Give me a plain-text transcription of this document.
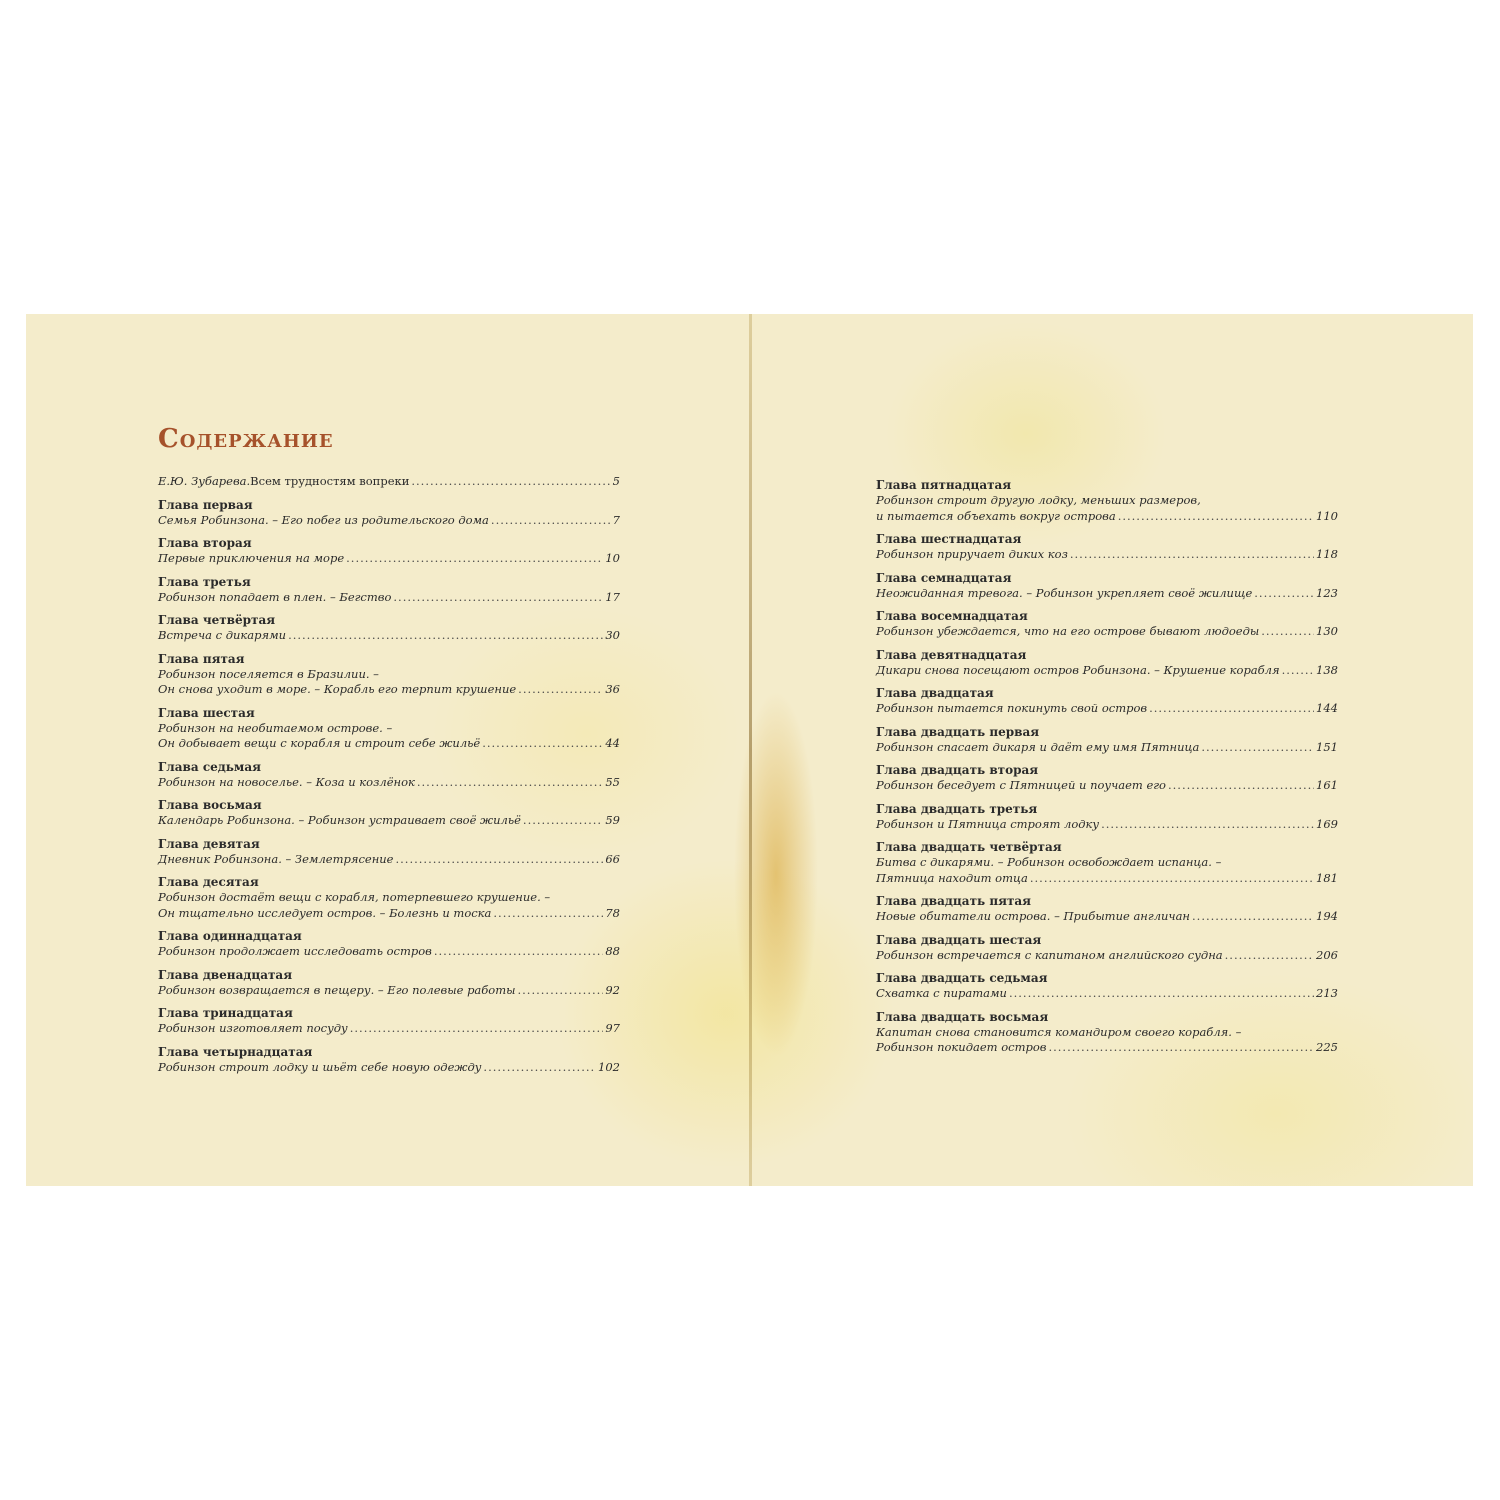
Содержание
Е.Ю. Зубарева. Всем трудностям вопреки .....	5
Глава первая
Семья Робинзона. – Его побег из родительского дома .....	7
Глава вторая
Первые приключения на море .....	10
Глава третья
Робинзон попадает в плен. – Бегство .....	17
Глава четвёртая
Встреча с дикарями .....	30
Глава пятая
Робинзон поселяется в Бразилии. –
Он снова уходит в море. – Корабль его терпит крушение .....	36
Глава шестая
Робинзон на необитаемом острове. –
Он добывает вещи с корабля и строит себе жильё .....	44
Глава седьмая
Робинзон на новоселье. – Коза и козлёнок .....	55
Глава восьмая
Календарь Робинзона. – Робинзон устраивает своё жильё .....	59
Глава девятая
Дневник Робинзона. – Землетрясение .....	66
Глава десятая
Робинзон достаёт вещи с корабля, потерпевшего крушение. –
Он тщательно исследует остров. – Болезнь и тоска .....	78
Глава одиннадцатая
Робинзон продолжает исследовать остров .....	88
Глава двенадцатая
Робинзон возвращается в пещеру. – Его полевые работы .....	92
Глава тринадцатая
Робинзон изготовляет посуду .....	97
Глава четырнадцатая
Робинзон строит лодку и шьёт себе новую одежду .....	102
Глава пятнадцатая
Робинзон строит другую лодку, меньших размеров,
и пытается объехать вокруг острова .....	110
Глава шестнадцатая
Робинзон приручает диких коз .....	118
Глава семнадцатая
Неожиданная тревога. – Робинзон укрепляет своё жилище .....	123
Глава восемнадцатая
Робинзон убеждается, что на его острове бывают людоеды .....	130
Глава девятнадцатая
Дикари снова посещают остров Робинзона. – Крушение корабля .....	138
Глава двадцатая
Робинзон пытается покинуть свой остров .....	144
Глава двадцать первая
Робинзон спасает дикаря и даёт ему имя Пятница .....	151
Глава двадцать вторая
Робинзон беседует с Пятницей и поучает его .....	161
Глава двадцать третья
Робинзон и Пятница строят лодку .....	169
Глава двадцать четвёртая
Битва с дикарями. – Робинзон освобождает испанца. –
Пятница находит отца .....	181
Глава двадцать пятая
Новые обитатели острова. – Прибытие англичан .....	194
Глава двадцать шестая
Робинзон встречается с капитаном английского судна .....	206
Глава двадцать седьмая
Схватка с пиратами .....	213
Глава двадцать восьмая
Капитан снова становится командиром своего корабля. –
Робинзон покидает остров .....	225
